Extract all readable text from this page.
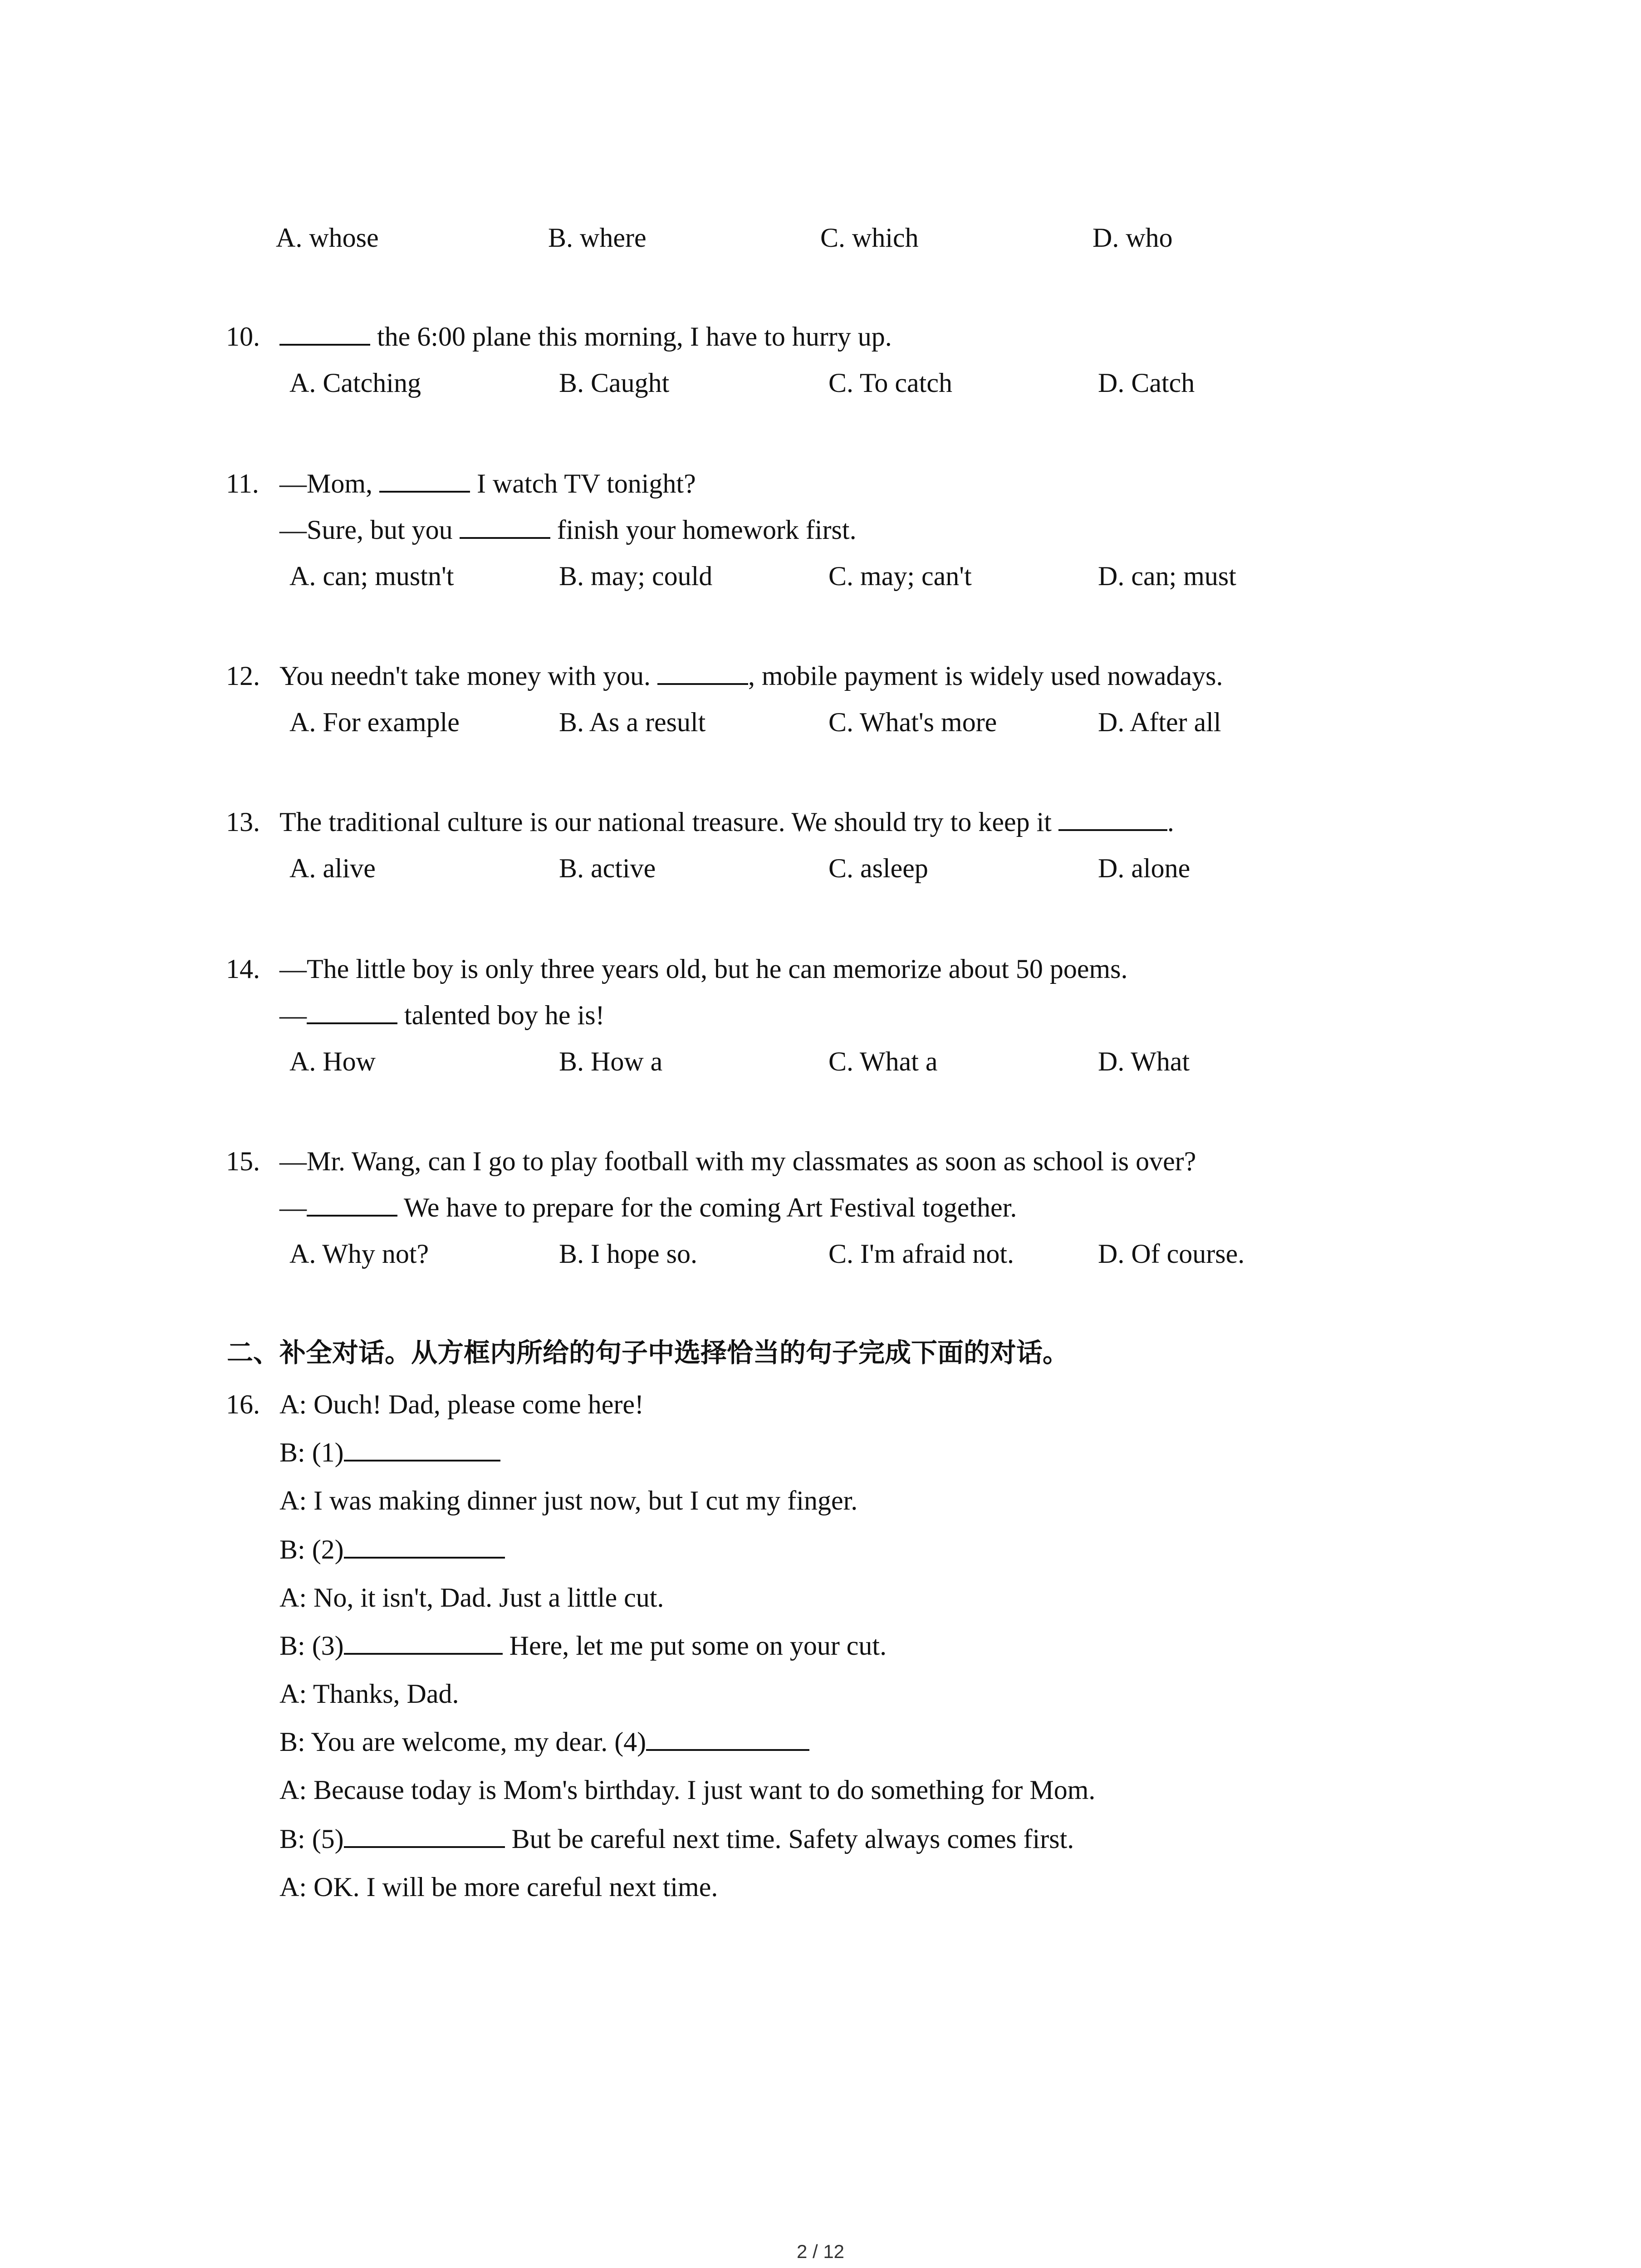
A. whose	B. where	C. which	D. who
10.	the 6:00 plane this morning, I have to hurry up.
A. Catching	B. Caught	C. To catch	D. Catch
11. —Mom,	I watch TV tonight?
—Sure, but you	finish your homework first.
A. can; mustn't	B. may; could	C. may; can't	D. can; must
12. You needn't take money with you.	, mobile payment is widely used nowadays.
A. For example	B. As a result	C. What's more	D. After all
13. The traditional culture is our national treasure. We should try to keep it	.
A. alive	B. active	C. asleep	D. alone
14. —The little boy is only three years old, but he can memorize about 50 poems.
—	talented boy he is!
A. How	B. How a	C. What a	D. What
15. —Mr. Wang, can I go to play football with my classmates as soon as school is over?
—	We have to prepare for the coming Art Festival together.
A. Why not?	B. I hope so.	C. I'm afraid not.	D. Of course.
二、补全对话。从方框内所给的句子中选择恰当的句子完成下面的对话。
16. A: Ouch! Dad, please come here!
B: (1)
A: I was making dinner just now, but I cut my finger.
B: (2)
A: No, it isn't, Dad. Just a little cut.
B: (3)	Here, let me put some on your cut.
A: Thanks, Dad.
B: You are welcome, my dear. (4)
A: Because today is Mom's birthday. I just want to do something for Mom.
B: (5)	But be careful next time. Safety always comes first.
A: OK. I will be more careful next time.
2 / 12
